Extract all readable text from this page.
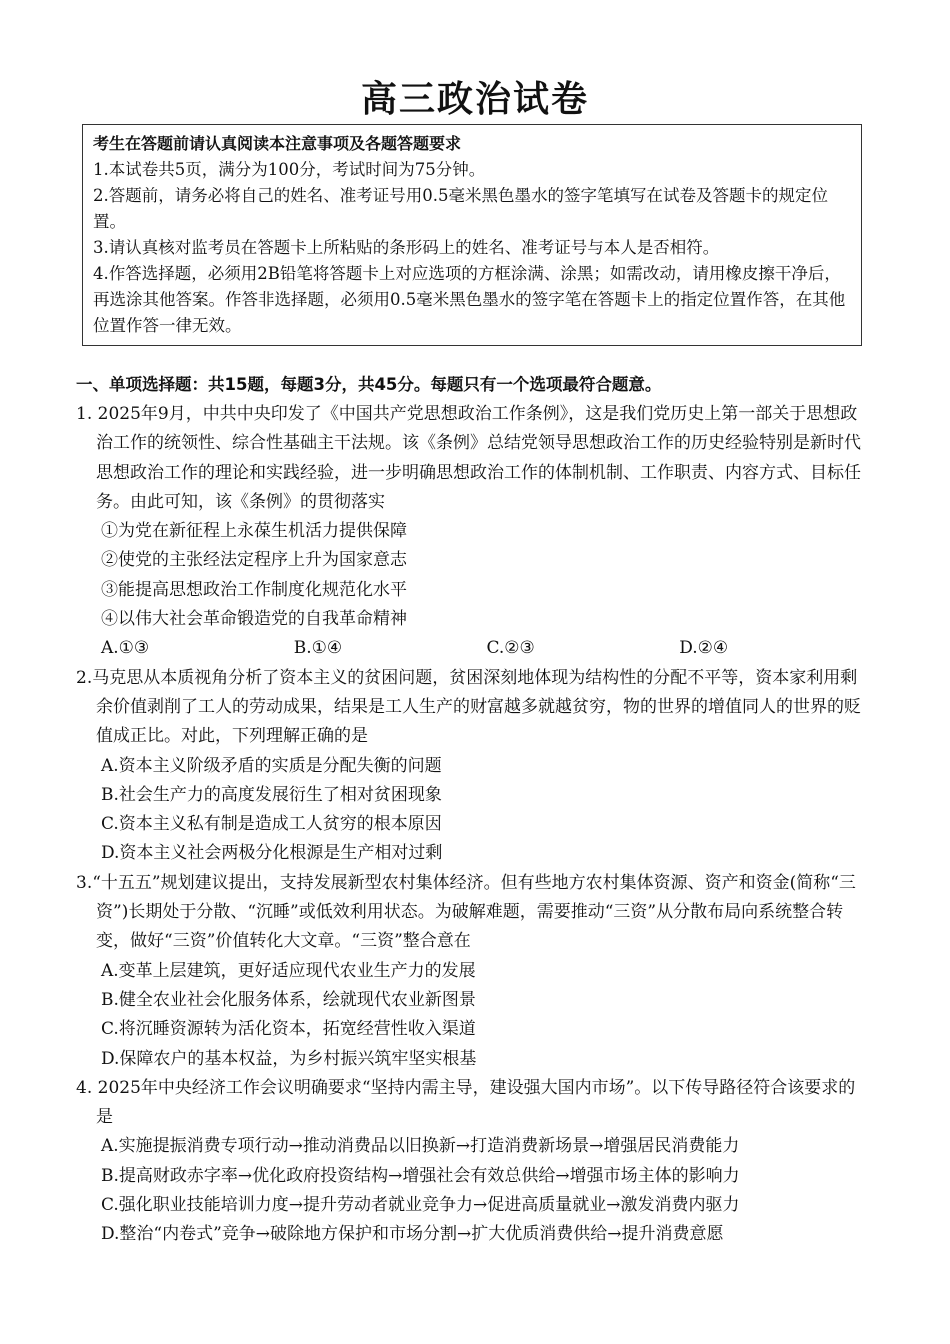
高三政治试卷

考生在答题前请认真阅读本注意事项及各题答题要求

1.本试卷共5页，满分为100分，考试时间为75分钟。

2.答题前，请务必将自己的姓名、准考证号用0.5毫米黑色墨水的签字笔填写在试卷及答题卡的规定位置。

3.请认真核对监考员在答题卡上所粘贴的条形码上的姓名、准考证号与本人是否相符。

4.作答选择题，必须用2B铅笔将答题卡上对应选项的方框涂满、涂黑；如需改动，请用橡皮擦干净后，再选涂其他答案。作答非选择题，必须用0.5毫米黑色墨水的签字笔在答题卡上的指定位置作答，在其他位置作答一律无效。

一、单项选择题：共15题，每题3分，共45分。每题只有一个选项最符合题意。

1. 2025年9月，中共中央印发了《中国共产党思想政治工作条例》，这是我们党历史上第一部关于思想政治工作的统领性、综合性基础主干法规。该《条例》总结党领导思想政治工作的历史经验特别是新时代思想政治工作的理论和实践经验，进一步明确思想政治工作的体制机制、工作职责、内容方式、目标任务。由此可知，该《条例》的贯彻落实

①为党在新征程上永葆生机活力提供保障

②使党的主张经法定程序上升为国家意志

③能提高思想政治工作制度化规范化水平

④以伟大社会革命锻造党的自我革命精神

A.①③	B.①④	C.②③	D.②④

2.马克思从本质视角分析了资本主义的贫困问题，贫困深刻地体现为结构性的分配不平等，资本家利用剩余价值剥削了工人的劳动成果，结果是工人生产的财富越多就越贫穷，物的世界的增值同人的世界的贬值成正比。对此，下列理解正确的是

A.资本主义阶级矛盾的实质是分配失衡的问题

B.社会生产力的高度发展衍生了相对贫困现象

C.资本主义私有制是造成工人贫穷的根本原因

D.资本主义社会两极分化根源是生产相对过剩

3.“十五五”规划建议提出，支持发展新型农村集体经济。但有些地方农村集体资源、资产和资金(简称“三资”)长期处于分散、“沉睡”或低效利用状态。为破解难题，需要推动“三资”从分散布局向系统整合转变，做好“三资”价值转化大文章。“三资”整合意在

A.变革上层建筑，更好适应现代农业生产力的发展

B.健全农业社会化服务体系，绘就现代农业新图景

C.将沉睡资源转为活化资本，拓宽经营性收入渠道

D.保障农户的基本权益，为乡村振兴筑牢坚实根基

4. 2025年中央经济工作会议明确要求“坚持内需主导，建设强大国内市场”。以下传导路径符合该要求的是

A.实施提振消费专项行动→推动消费品以旧换新→打造消费新场景→增强居民消费能力

B.提高财政赤字率→优化政府投资结构→增强社会有效总供给→增强市场主体的影响力

C.强化职业技能培训力度→提升劳动者就业竞争力→促进高质量就业→激发消费内驱力

D.整治“内卷式”竞争→破除地方保护和市场分割→扩大优质消费供给→提升消费意愿
